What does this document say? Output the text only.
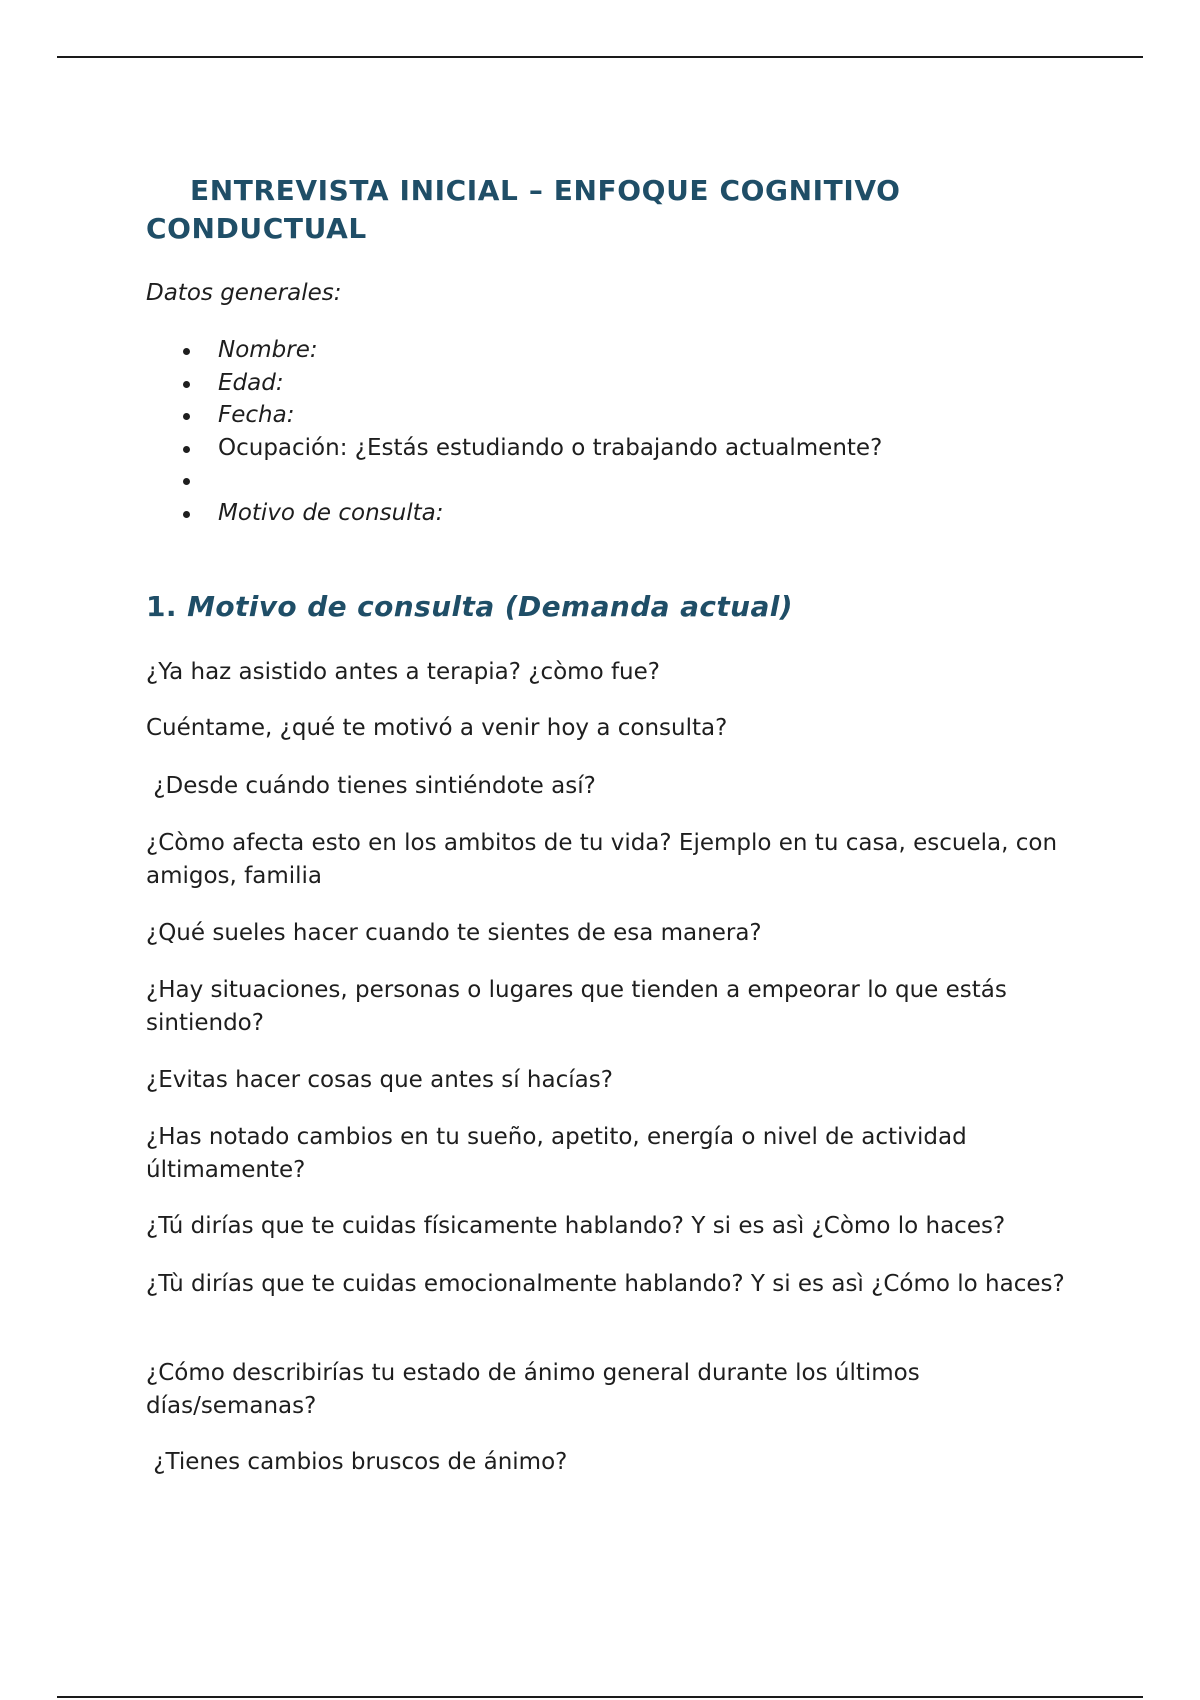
ENTREVISTA INICIAL – ENFOQUE COGNITIVO CONDUCTUAL

Datos generales:

Nombre:
Edad:
Fecha:
Ocupación: ¿Estás estudiando o trabajando actualmente?
Motivo de consulta:
1. Motivo de consulta (Demanda actual)

¿Ya haz asistido antes a terapia? ¿còmo fue?

Cuéntame, ¿qué te motivó a venir hoy a consulta?

¿Desde cuándo tienes sintiéndote así?

¿Còmo afecta esto en los ambitos de tu vida? Ejemplo en tu casa, escuela, con amigos, familia

¿Qué sueles hacer cuando te sientes de esa manera?

¿Hay situaciones, personas o lugares que tienden a empeorar lo que estás sintiendo?

¿Evitas hacer cosas que antes sí hacías?

¿Has notado cambios en tu sueño, apetito, energía o nivel de actividad últimamente?

¿Tú dirías que te cuidas físicamente hablando? Y si es asì ¿Còmo lo haces?

¿Tù dirías que te cuidas emocionalmente hablando? Y si es asì ¿Cómo lo haces?

¿Cómo describirías tu estado de ánimo general durante los últimos días/semanas?

¿Tienes cambios bruscos de ánimo?
